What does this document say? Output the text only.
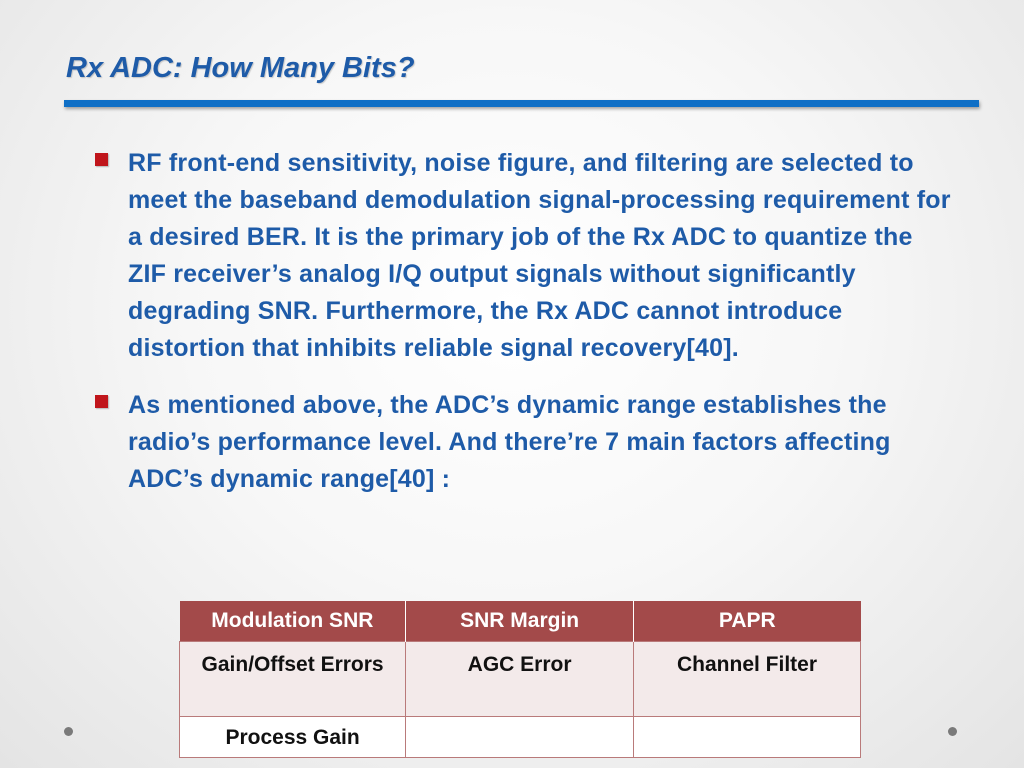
Rx ADC: How Many Bits?
RF front-end sensitivity, noise figure, and filtering are selected to meet the baseband demodulation signal-processing requirement for a desired BER. It is the primary job of the Rx ADC to quantize the ZIF receiver’s analog I/Q output signals without significantly degrading SNR. Furthermore, the Rx ADC cannot introduce distortion that inhibits reliable signal recovery[40].
As mentioned above, the ADC’s dynamic range establishes the radio’s performance level. And there’re 7 main factors affecting ADC’s dynamic range[40] :
Modulation SNR	SNR Margin	PAPR
Gain/Offset Errors	AGC Error	Channel Filter
Process Gain		
